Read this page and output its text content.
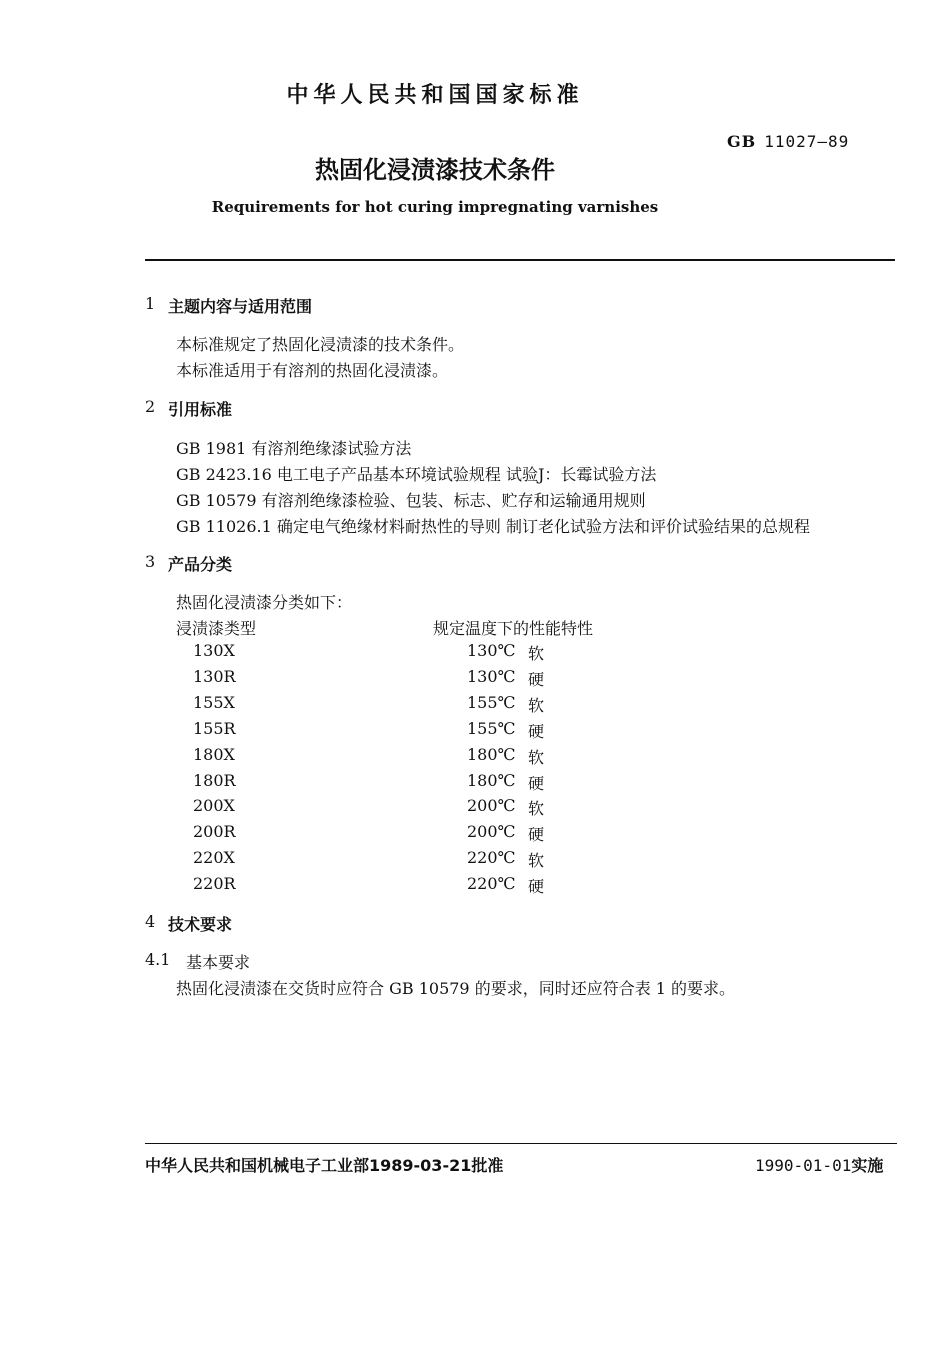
中华人民共和国国家标准
GB 11027—89
热固化浸渍漆技术条件
Requirements for hot curing impregnating varnishes
1 主题内容与适用范围
本标准规定了热固化浸渍漆的技术条件。
本标准适用于有溶剂的热固化浸渍漆。
2 引用标准
GB 1981 有溶剂绝缘漆试验方法
GB 2423.16 电工电子产品基本环境试验规程 试验J：长霉试验方法
GB 10579 有溶剂绝缘漆检验、包装、标志、贮存和运输通用规则
GB 11026.1 确定电气绝缘材料耐热性的导则 制订老化试验方法和评价试验结果的总规程
3 产品分类
热固化浸渍漆分类如下：
浸渍漆类型	规定温度下的性能特性
130X	130℃ 软
130R	130℃ 硬
155X	155℃ 软
155R	155℃ 硬
180X	180℃ 软
180R	180℃ 硬
200X	200℃ 软
200R	200℃ 硬
220X	220℃ 软
220R	220℃ 硬
4 技术要求
4.1 基本要求
热固化浸渍漆在交货时应符合 GB 10579 的要求，同时还应符合表 1 的要求。
中华人民共和国机械电子工业部1989-03-21批准	1990-01-01实施
